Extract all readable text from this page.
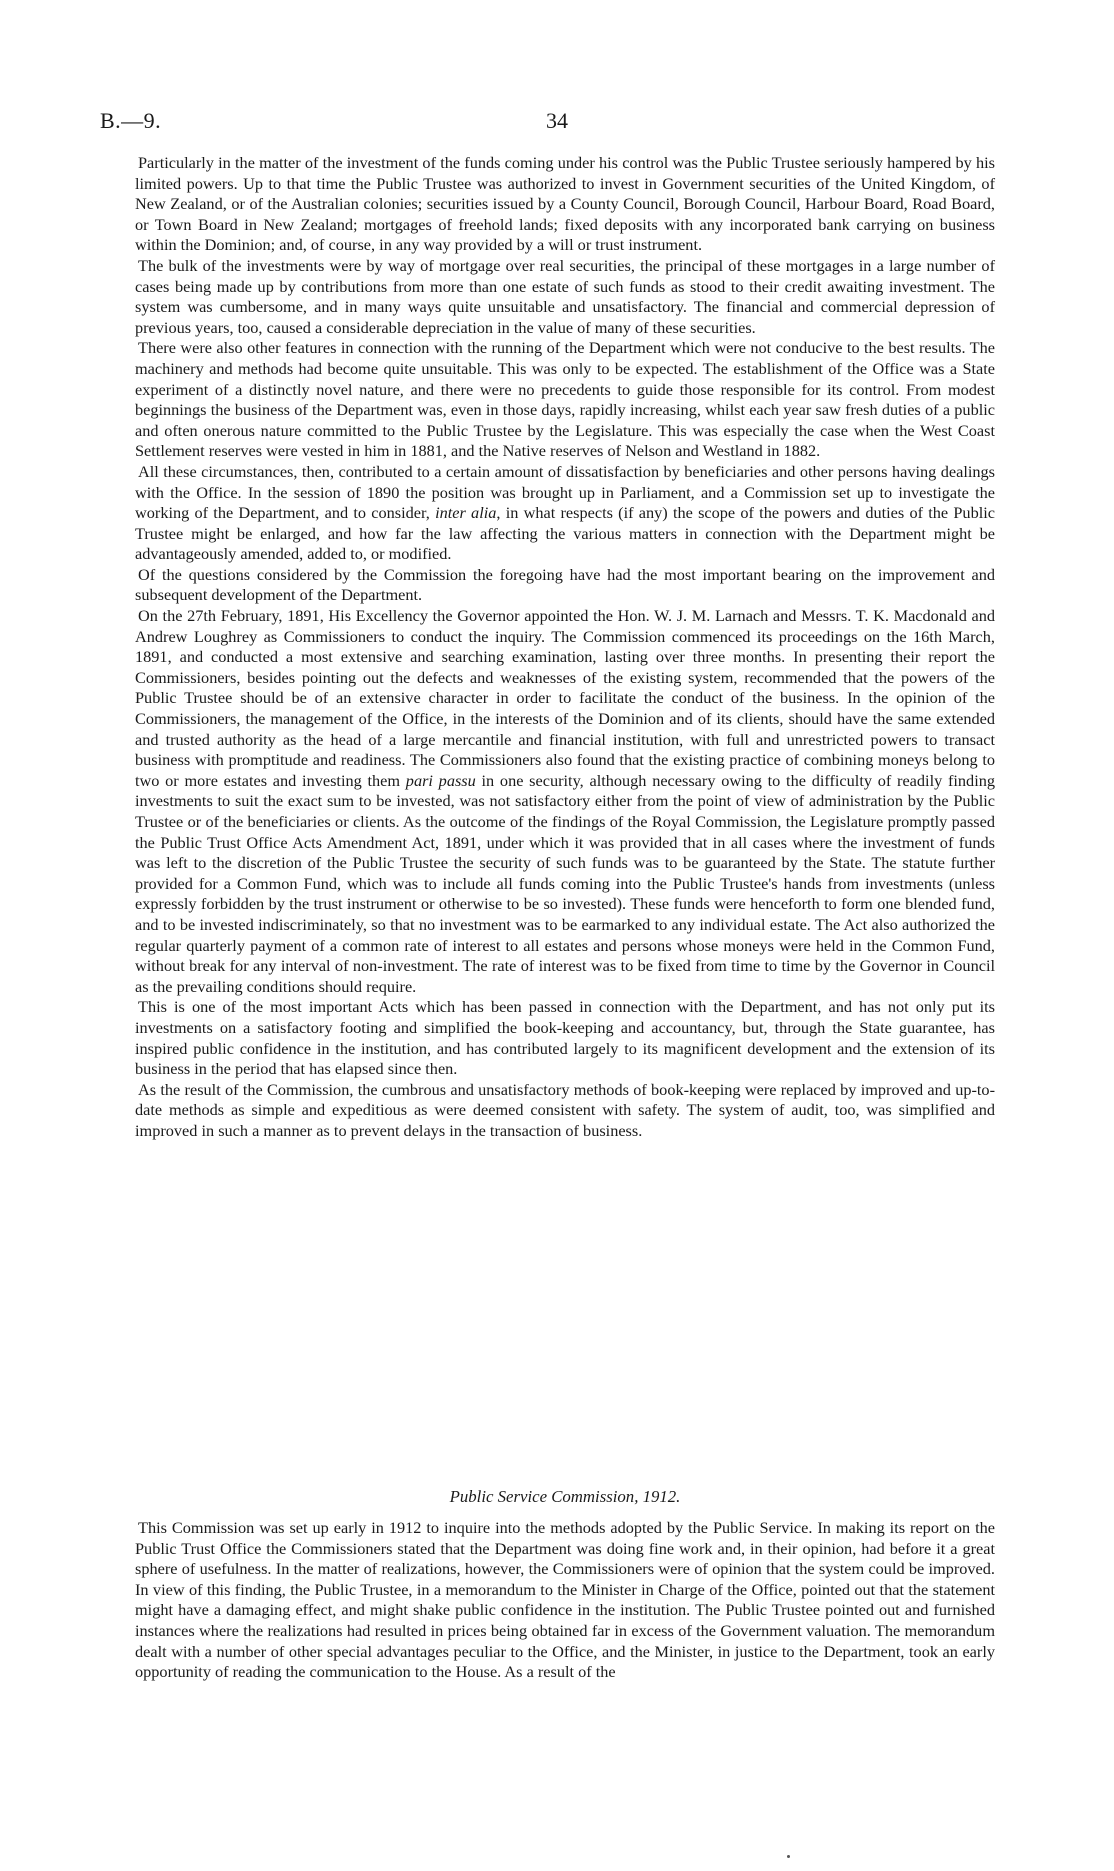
B.—9.	34

Particularly in the matter of the investment of the funds coming under his control was the Public Trustee seriously hampered by his limited powers. Up to that time the Public Trustee was authorized to invest in Government securities of the United Kingdom, of New Zealand, or of the Australian colonies; securities issued by a County Council, Borough Council, Harbour Board, Road Board, or Town Board in New Zealand; mortgages of freehold lands; fixed deposits with any incorporated bank carrying on business within the Dominion; and, of course, in any way provided by a will or trust instrument.

The bulk of the investments were by way of mortgage over real securities, the principal of these mortgages in a large number of cases being made up by contributions from more than one estate of such funds as stood to their credit awaiting investment. The system was cumbersome, and in many ways quite unsuitable and unsatisfactory. The financial and commercial depression of previous years, too, caused a considerable depreciation in the value of many of these securities.

There were also other features in connection with the running of the Department which were not conducive to the best results. The machinery and methods had become quite unsuitable. This was only to be expected. The establishment of the Office was a State experiment of a distinctly novel nature, and there were no precedents to guide those responsible for its control. From modest beginnings the business of the Department was, even in those days, rapidly increasing, whilst each year saw fresh duties of a public and often onerous nature committed to the Public Trustee by the Legislature. This was especially the case when the West Coast Settlement reserves were vested in him in 1881, and the Native reserves of Nelson and Westland in 1882.

All these circumstances, then, contributed to a certain amount of dissatisfaction by beneficiaries and other persons having dealings with the Office. In the session of 1890 the position was brought up in Parliament, and a Commission set up to investigate the working of the Department, and to consider, inter alia, in what respects (if any) the scope of the powers and duties of the Public Trustee might be enlarged, and how far the law affecting the various matters in connection with the Department might be advantageously amended, added to, or modified.

Of the questions considered by the Commission the foregoing have had the most important bearing on the improvement and subsequent development of the Department.

On the 27th February, 1891, His Excellency the Governor appointed the Hon. W. J. M. Larnach and Messrs. T. K. Macdonald and Andrew Loughrey as Commissioners to conduct the inquiry. The Commission commenced its proceedings on the 16th March, 1891, and conducted a most extensive and searching examination, lasting over three months. In presenting their report the Commissioners, besides pointing out the defects and weaknesses of the existing system, recommended that the powers of the Public Trustee should be of an extensive character in order to facilitate the conduct of the business. In the opinion of the Commissioners, the management of the Office, in the interests of the Dominion and of its clients, should have the same extended and trusted authority as the head of a large mercantile and financial institution, with full and unrestricted powers to transact business with promptitude and readiness. The Commissioners also found that the existing practice of combining moneys belong to two or more estates and investing them pari passu in one security, although necessary owing to the difficulty of readily finding investments to suit the exact sum to be invested, was not satisfactory either from the point of view of administration by the Public Trustee or of the beneficiaries or clients. As the outcome of the findings of the Royal Commission, the Legislature promptly passed the Public Trust Office Acts Amendment Act, 1891, under which it was provided that in all cases where the investment of funds was left to the discretion of the Public Trustee the security of such funds was to be guaranteed by the State. The statute further provided for a Common Fund, which was to include all funds coming into the Public Trustee's hands from investments (unless expressly forbidden by the trust instrument or otherwise to be so invested). These funds were henceforth to form one blended fund, and to be invested indiscriminately, so that no investment was to be earmarked to any individual estate. The Act also authorized the regular quarterly payment of a common rate of interest to all estates and persons whose moneys were held in the Common Fund, without break for any interval of non-investment. The rate of interest was to be fixed from time to time by the Governor in Council as the prevailing conditions should require.

This is one of the most important Acts which has been passed in connection with the Department, and has not only put its investments on a satisfactory footing and simplified the book-keeping and accountancy, but, through the State guarantee, has inspired public confidence in the institution, and has contributed largely to its magnificent development and the extension of its business in the period that has elapsed since then.

As the result of the Commission, the cumbrous and unsatisfactory methods of book-keeping were replaced by improved and up-to-date methods as simple and expeditious as were deemed consistent with safety. The system of audit, too, was simplified and improved in such a manner as to prevent delays in the transaction of business.

Public Service Commission, 1912.

This Commission was set up early in 1912 to inquire into the methods adopted by the Public Service. In making its report on the Public Trust Office the Commissioners stated that the Department was doing fine work and, in their opinion, had before it a great sphere of usefulness. In the matter of realizations, however, the Commissioners were of opinion that the system could be improved. In view of this finding, the Public Trustee, in a memorandum to the Minister in Charge of the Office, pointed out that the statement might have a damaging effect, and might shake public confidence in the institution. The Public Trustee pointed out and furnished instances where the realizations had resulted in prices being obtained far in excess of the Government valuation. The memorandum dealt with a number of other special advantages peculiar to the Office, and the Minister, in justice to the Department, took an early opportunity of reading the communication to the House. As a result of the
